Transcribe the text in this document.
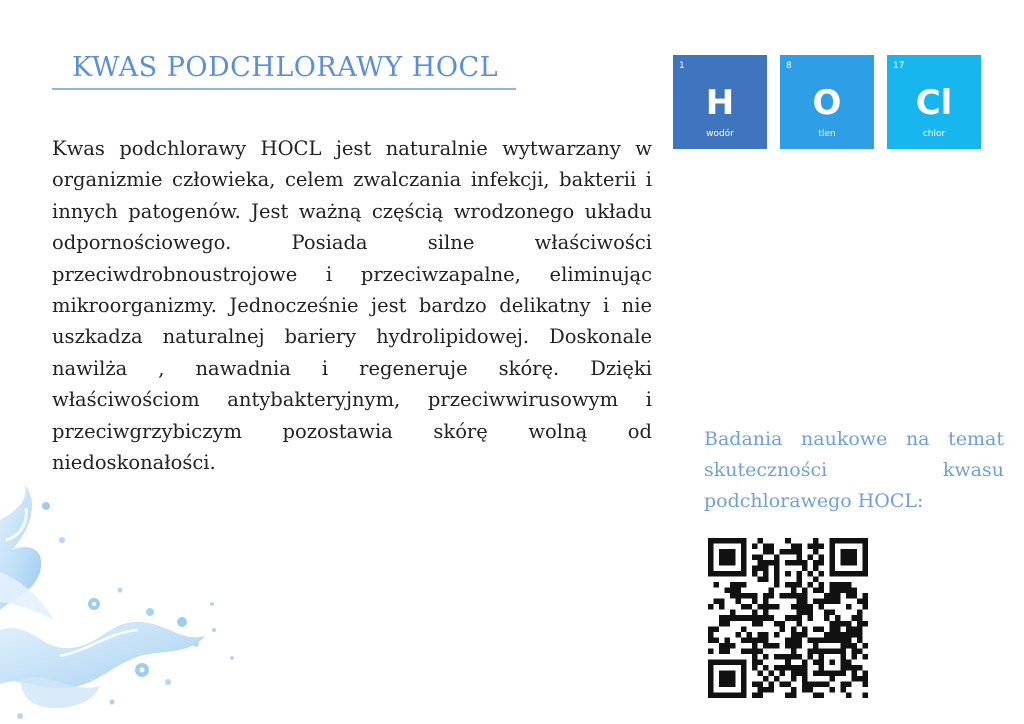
KWAS PODCHLORAWY HOCL

Kwas podchlorawy HOCL jest naturalnie wytwarzany w organizmie człowieka, celem zwalczania infekcji, bakterii i innych patogenów. Jest ważną częścią wrodzonego układu odpornościowego. Posiada silne właściwości przeciwdrobnoustrojowe i przeciwzapalne, eliminując mikroorganizmy. Jednocześnie jest bardzo delikatny i nie uszkadza naturalnej bariery hydrolipidowej. Doskonale nawilża , nawadnia i regeneruje skórę. Dzięki właściwościom antybakteryjnym, przeciwwirusowym i przeciwgrzybiczym pozostawia skórę wolną od niedoskonałości.

1
H
wodór
8
O
tlen
17
Cl
chlor

Badania naukowe na temat skuteczności kwasu podchlorawego HOCL:
